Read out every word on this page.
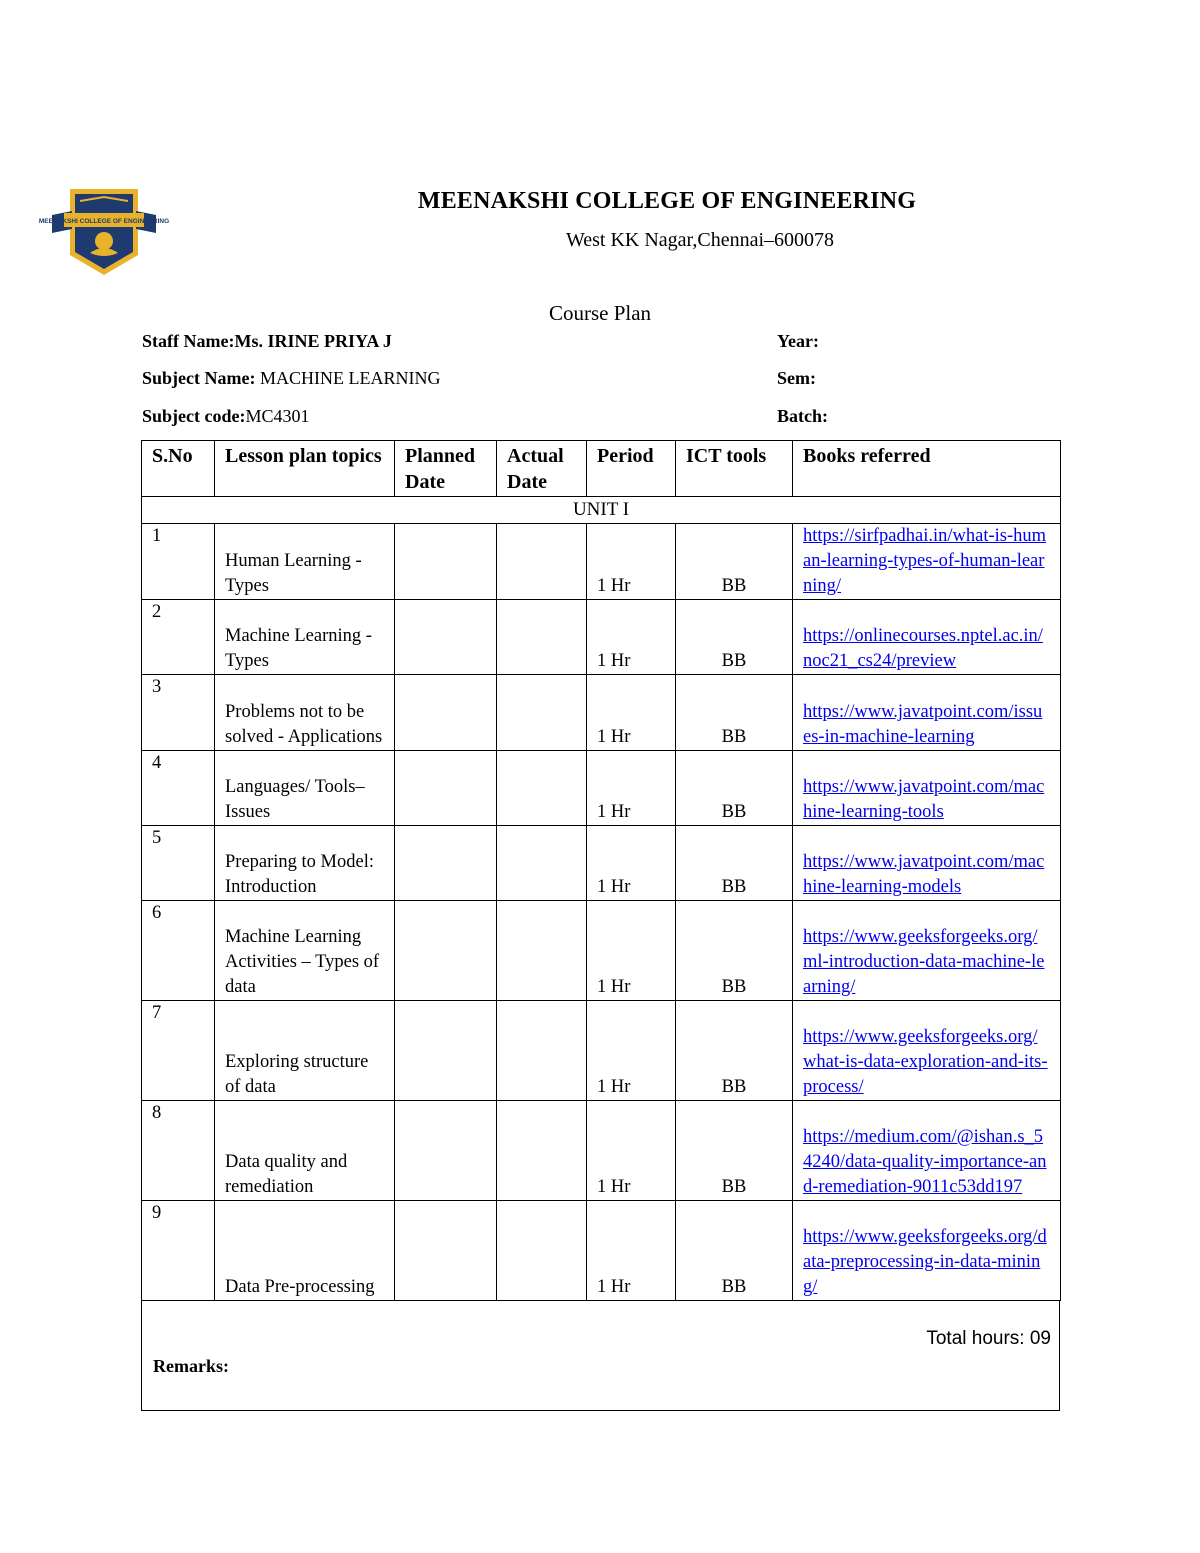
MEENAKSHI COLLEGE OF ENGINEERING
MEENAKSHI COLLEGE OF ENGINEERING
West KK Nagar,Chennai–600078
Course Plan
Staff Name:Ms. IRINE PRIYA J
Subject Name: MACHINE LEARNING
Subject code:MC4301
Year:
Sem:
Batch:
S.No	Lesson plan topics	Planned Date	Actual Date	Period	ICT tools	Books referred
UNIT I						
1	Human Learning - Types			1 Hr	BB	https://sirfpadhai.in/what-is-human-learning-types-of-human-learning/
2	Machine Learning - Types			1 Hr	BB	https://onlinecourses.nptel.ac.in/noc21_cs24/preview
3	Problems not to be solved - Applications			1 Hr	BB	https://www.javatpoint.com/issues-in-machine-learning
4	Languages/ Tools– Issues			1 Hr	BB	https://www.javatpoint.com/machine-learning-tools
5	Preparing to Model: Introduction			1 Hr	BB	https://www.javatpoint.com/machine-learning-models
6	Machine Learning Activities – Types of data			1 Hr	BB	https://www.geeksforgeeks.org/ml-introduction-data-machine-learning/
7	Exploring structure of data			1 Hr	BB	https://www.geeksforgeeks.org/what-is-data-exploration-and-its-process/
8	Data quality and remediation			1 Hr	BB	https://medium.com/@ishan.s_54240/data-quality-importance-and-remediation-9011c53dd197
9	Data Pre-processing			1 Hr	BB	https://www.geeksforgeeks.org/data-preprocessing-in-data-mining/
Total hours: 09
Remarks:
